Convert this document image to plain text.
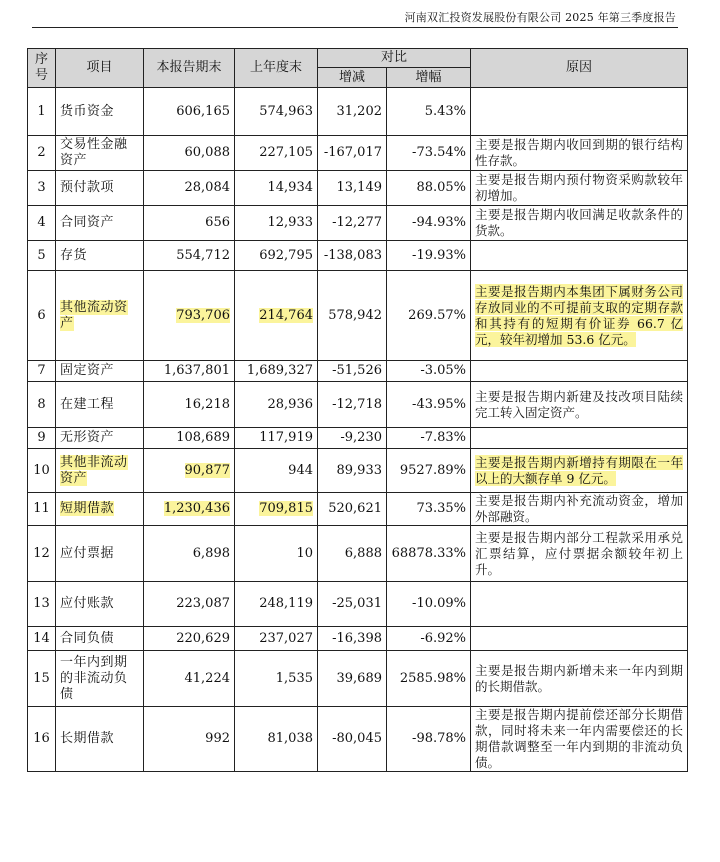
河南双汇投资发展股份有限公司 2025 年第三季度报告
序号	项目	本报告期末	上年度末	对比		原因
				增减	增幅	
1	货币资金	606,165	574,963	31,202	5.43%	
2	交易性金融资产	60,088	227,105	-167,017	-73.54%	主要是报告期内收回到期的银行结构性存款。
3	预付款项	28,084	14,934	13,149	88.05%	主要是报告期内预付物资采购款较年初增加。
4	合同资产	656	12,933	-12,277	-94.93%	主要是报告期内收回满足收款条件的货款。
5	存货	554,712	692,795	-138,083	-19.93%	
6	其他流动资产	793,706	214,764	578,942	269.57%	主要是报告期内本集团下属财务公司存放同业的不可提前支取的定期存款和其持有的短期有价证券 66.7 亿元，较年初增加 53.6 亿元。
7	固定资产	1,637,801	1,689,327	-51,526	-3.05%	
8	在建工程	16,218	28,936	-12,718	-43.95%	主要是报告期内新建及技改项目陆续完工转入固定资产。
9	无形资产	108,689	117,919	-9,230	-7.83%	
10	其他非流动资产	90,877	944	89,933	9527.89%	主要是报告期内新增持有期限在一年以上的大额存单 9 亿元。
11	短期借款	1,230,436	709,815	520,621	73.35%	主要是报告期内补充流动资金，增加外部融资。
12	应付票据	6,898	10	6,888	68878.33%	主要是报告期内部分工程款采用承兑汇票结算，应付票据余额较年初上升。
13	应付账款	223,087	248,119	-25,031	-10.09%	
14	合同负债	220,629	237,027	-16,398	-6.92%	
15	一年内到期的非流动负债	41,224	1,535	39,689	2585.98%	主要是报告期内新增未来一年内到期的长期借款。
16	长期借款	992	81,038	-80,045	-98.78%	主要是报告期内提前偿还部分长期借款，同时将未来一年内需要偿还的长期借款调整至一年内到期的非流动负债。
